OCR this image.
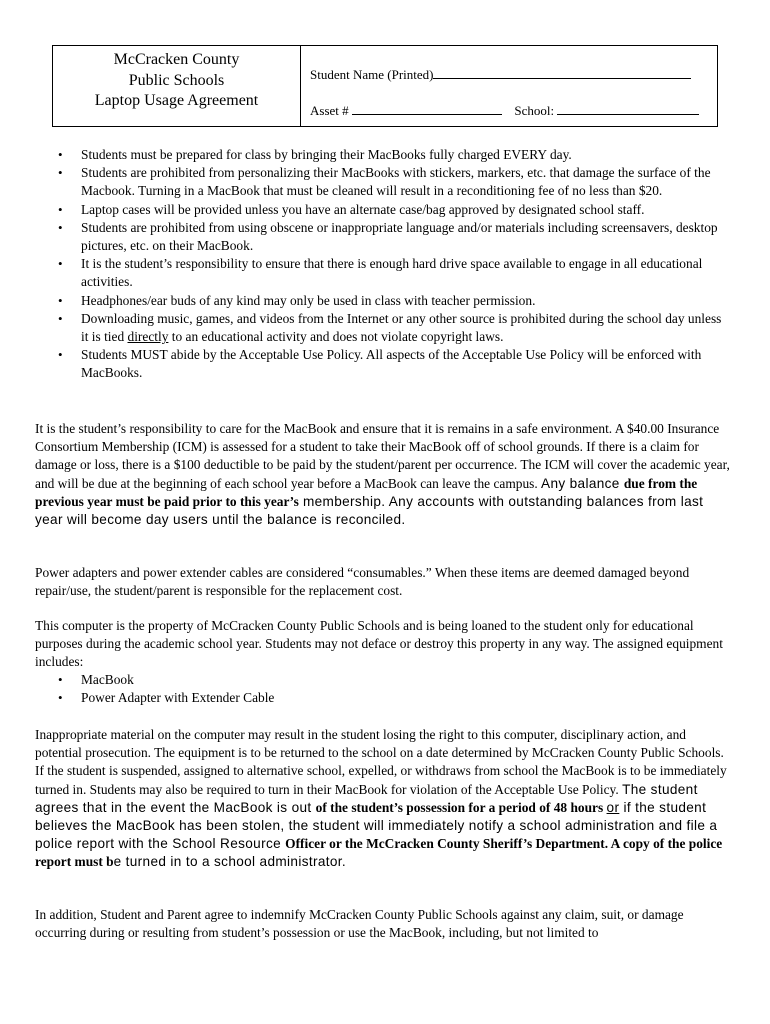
McCracken County
Public Schools
Laptop Usage Agreement
Student Name (Printed)
Asset #	School:
• Students must be prepared for class by bringing their MacBooks fully charged EVERY day.
• Students are prohibited from personalizing their MacBooks with stickers, markers, etc. that damage the surface of the Macbook. Turning in a MacBook that must be cleaned will result in a reconditioning fee of no less than $20.
• Laptop cases will be provided unless you have an alternate case/bag approved by designated school staff.
• Students are prohibited from using obscene or inappropriate language and/or materials including screensavers, desktop pictures, etc. on their MacBook.
• It is the student’s responsibility to ensure that there is enough hard drive space available to engage in all educational activities.
• Headphones/ear buds of any kind may only be used in class with teacher permission.
• Downloading music, games, and videos from the Internet or any other source is prohibited during the school day unless it is tied directly to an educational activity and does not violate copyright laws.
• Students MUST abide by the Acceptable Use Policy. All aspects of the Acceptable Use Policy will be enforced with MacBooks.

It is the student’s responsibility to care for the MacBook and ensure that it is remains in a safe environment. A $40.00 Insurance Consortium Membership (ICM) is assessed for a student to take their MacBook off of school grounds. If there is a claim for damage or loss, there is a $100 deductible to be paid by the student/parent per occurrence. The ICM will cover the academic year, and will be due at the beginning of each school year before a MacBook can leave the campus. Any balance due from the previous year must be paid prior to this year’s membership. Any accounts with outstanding balances from last year will become day users until the balance is reconciled.

Power adapters and power extender cables are considered “consumables.” When these items are deemed damaged beyond repair/use, the student/parent is responsible for the replacement cost.

This computer is the property of McCracken County Public Schools and is being loaned to the student only for educational purposes during the academic school year. Students may not deface or destroy this property in any way. The assigned equipment includes:

• MacBook
• Power Adapter with Extender Cable

Inappropriate material on the computer may result in the student losing the right to this computer, disciplinary action, and potential prosecution. The equipment is to be returned to the school on a date determined by McCracken County Public Schools. If the student is suspended, assigned to alternative school, expelled, or withdraws from school the MacBook is to be immediately turned in. Students may also be required to turn in their MacBook for violation of the Acceptable Use Policy. The student agrees that in the event the MacBook is out of the student’s possession for a period of 48 hours or if the student believes the MacBook has been stolen, the student will immediately notify a school administration and file a police report with the School Resource Officer or the McCracken County Sheriff’s Department. A copy of the police report must be turned in to a school administrator.

In addition, Student and Parent agree to indemnify McCracken County Public Schools against any claim, suit, or damage occurring during or resulting from student’s possession or use the MacBook, including, but not limited to
